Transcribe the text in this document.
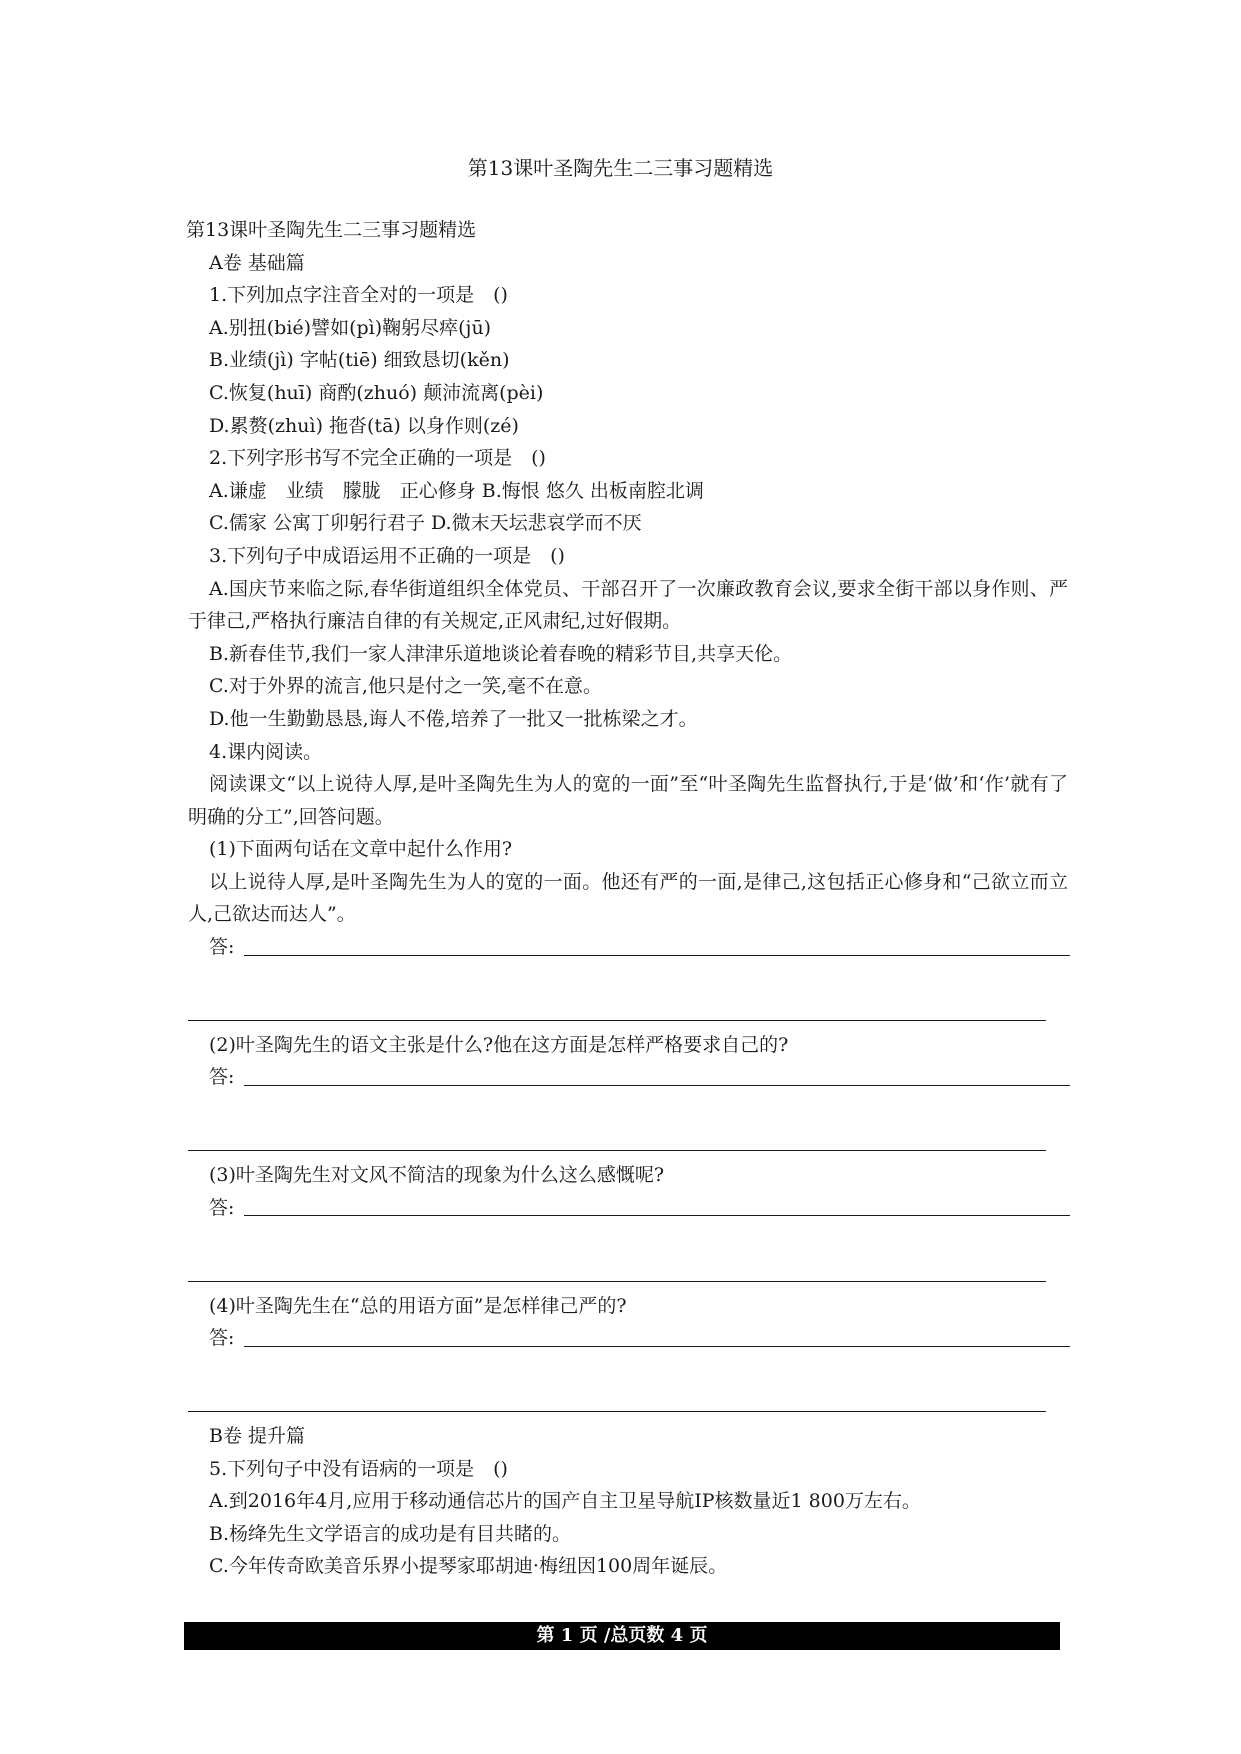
第13课叶圣陶先生二三事习题精选

第13课叶圣陶先生二三事习题精选

A卷 基础篇

1.下列加点字注音全对的一项是　()

A.别扭(bié)譬如(pì)鞠躬尽瘁(jū)

B.业绩(jì) 字帖(tiē) 细致恳切(kěn)

C.恢复(huī) 商酌(zhuó) 颠沛流离(pèi)

D.累赘(zhuì) 拖沓(tā) 以身作则(zé)

2.下列字形书写不完全正确的一项是　()

A.谦虚　业绩　朦胧　正心修身 B.悔恨 悠久 出板南腔北调

C.儒家 公寓丁卯躬行君子 D.微末天坛悲哀学而不厌

3.下列句子中成语运用不正确的一项是　()

A.国庆节来临之际,春华街道组织全体党员、干部召开了一次廉政教育会议,要求全街干部以身作则、严于律己,严格执行廉洁自律的有关规定,正风肃纪,过好假期。

B.新春佳节,我们一家人津津乐道地谈论着春晚的精彩节目,共享天伦。

C.对于外界的流言,他只是付之一笑,毫不在意。

D.他一生勤勤恳恳,诲人不倦,培养了一批又一批栋梁之才。

4.课内阅读。

阅读课文“以上说待人厚,是叶圣陶先生为人的宽的一面”至“叶圣陶先生监督执行,于是‘做’和‘作’就有了明确的分工”,回答问题。

(1)下面两句话在文章中起什么作用?

以上说待人厚,是叶圣陶先生为人的宽的一面。他还有严的一面,是律己,这包括正心修身和“己欲立而立人,己欲达而达人”。

答:

(2)叶圣陶先生的语文主张是什么?他在这方面是怎样严格要求自己的?

答:

(3)叶圣陶先生对文风不简洁的现象为什么这么感慨呢?

答:

(4)叶圣陶先生在“总的用语方面”是怎样律己严的?

答:

B卷 提升篇

5.下列句子中没有语病的一项是　()

A.到2016年4月,应用于移动通信芯片的国产自主卫星导航IP核数量近1 800万左右。

B.杨绛先生文学语言的成功是有目共睹的。

C.今年传奇欧美音乐界小提琴家耶胡迪·梅纽因100周年诞辰。

第 1 页 /总页数 4 页
